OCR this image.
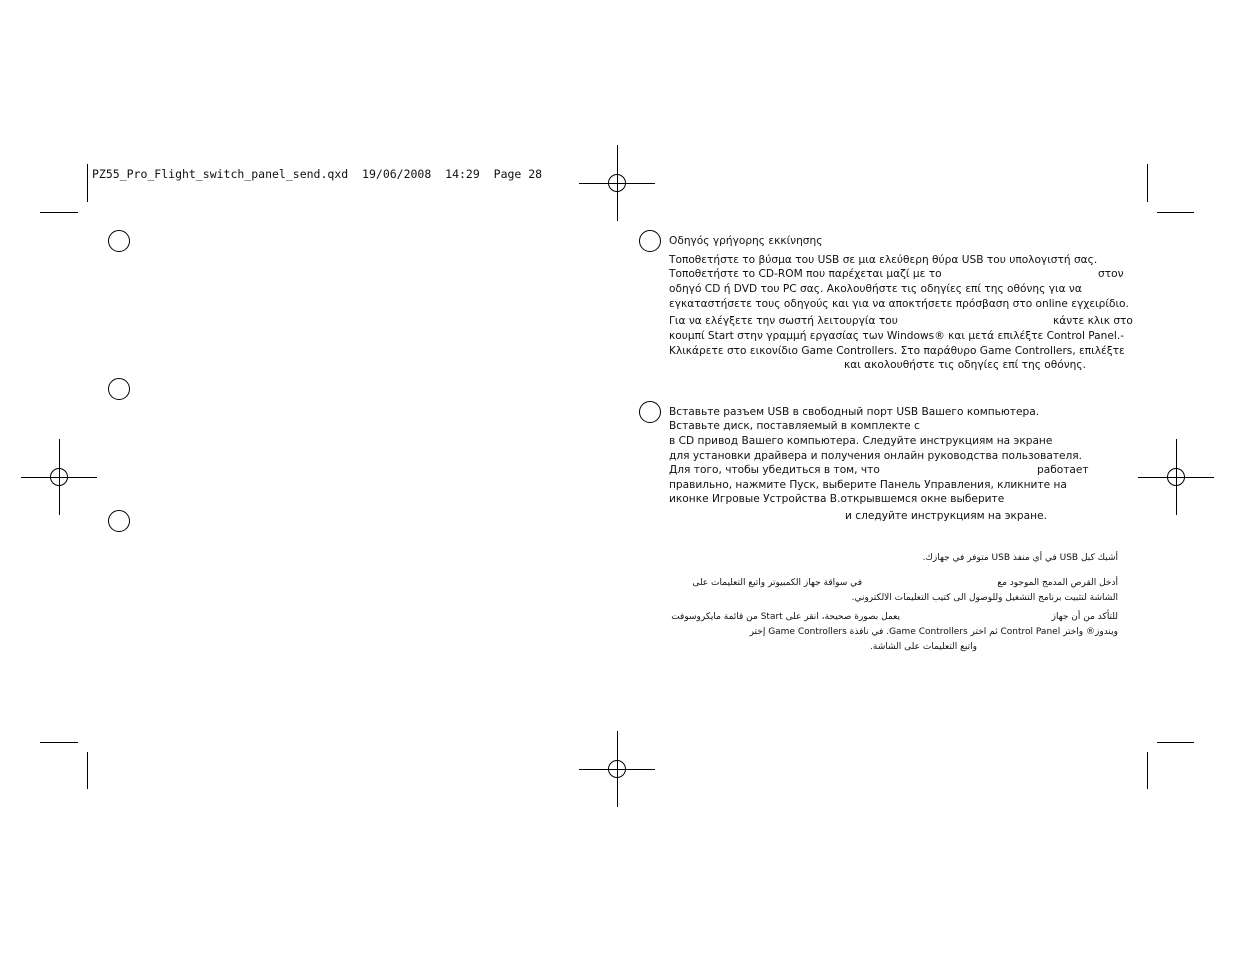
PZ55_Pro_Flight_switch_panel_send.qxd 19/06/2008 14:29 Page 28
Οδηγός γρήγορης εκκίνησης
Τοποθετήστε το βύσμα του USB σε μια ελεύθερη θύρα USB του υπολογιστή σας.
Τοποθετήστε το CD-ROM που παρέχεται μαζί με το	στον
οδηγό CD ή DVD του PC σας. Ακολουθήστε τις οδηγίες επί της οθόνης για να
εγκαταστήσετε τους οδηγούς και για να αποκτήσετε πρόσβαση στο online εγχειρίδιο.
Για να ελέγξετε την σωστή λειτουργία του	κάντε κλικ στο
κουμπί Start στην γραμμή εργασίας των Windows® και μετά επιλέξτε Control Panel.-
Κλικάρετε στο εικονίδιο Game Controllers. Στο παράθυρο Game Controllers, επιλέξτε
και ακολουθήστε τις οδηγίες επί της οθόνης.
Вставьте разъем USB в свободный порт USB Вашего компьютера.
Вставьте диск, поставляемый в комплекте с
в CD привод Вашего компьютера. Следуйте инструкциям на экране
для установки драйвера и получения онлайн руководства пользователя.
Для того, чтобы убедиться в том, что	работает
правильно, нажмите Пуск, выберите Панель Управления, кликните на
иконке Игровые Устройства В.открывшемся окне выберите
и следуйте инструкциям на экране.
أشبك كبل USB في أي منفذ USB متوفر في جهازك.
أدخل القرص المدمج الموجود مع
في سواقة جهاز الكمبيوتر واتبع التعليمات على
الشاشة لتثبيت برنامج التشغيل وللوصول الى كتيب التعليمات الالكتروني.
للتأكد من أن جهاز
يعمل بصورة صحيحة، انقر على Start من قائمة مايكروسوفت
ويندوز® واختر Control Panel ثم اختر Game Controllers. في نافذة Game Controllers إختر
واتبع التعليمات على الشاشة.
